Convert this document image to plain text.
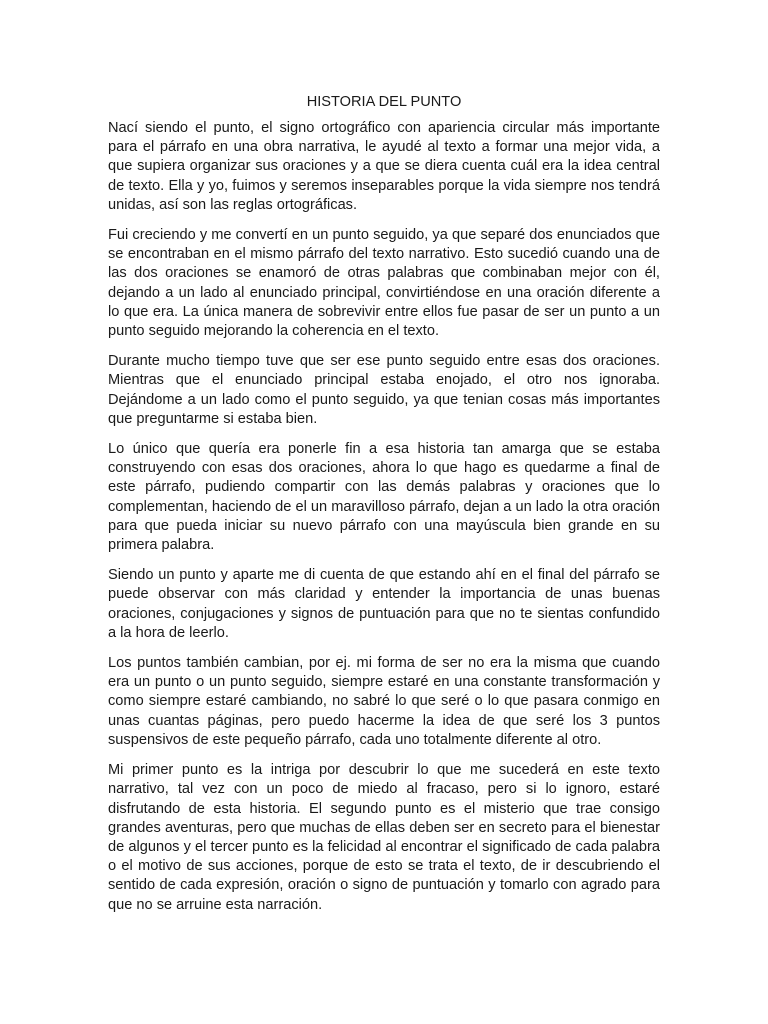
HISTORIA DEL PUNTO

Nací siendo el punto, el signo ortográfico con apariencia circular más importante para el párrafo en una obra narrativa, le ayudé al texto a formar una mejor vida, a que supiera organizar sus oraciones y a que se diera cuenta cuál era la idea central de texto. Ella y yo, fuimos y seremos inseparables porque la vida siempre nos tendrá unidas, así son las reglas ortográficas.

Fui creciendo y me convertí en un punto seguido, ya que separé dos enunciados que se encontraban en el mismo párrafo del texto narrativo. Esto sucedió cuando una de las dos oraciones se enamoró de otras palabras que combinaban mejor con él, dejando a un lado al enunciado principal, convirtiéndose en una oración diferente a lo que era. La única manera de sobrevivir entre ellos fue pasar de ser un punto a un punto seguido mejorando la coherencia en el texto.

Durante mucho tiempo tuve que ser ese punto seguido entre esas dos oraciones. Mientras que el enunciado principal estaba enojado, el otro nos ignoraba. Dejándome a un lado como el punto seguido, ya que tenian cosas más importantes que preguntarme si estaba bien.

Lo único que quería era ponerle fin a esa historia tan amarga que se estaba construyendo con esas dos oraciones, ahora lo que hago es quedarme a final de este párrafo, pudiendo compartir con las demás palabras y oraciones que lo complementan, haciendo de el un maravilloso párrafo, dejan a un lado la otra oración para que pueda iniciar su nuevo párrafo con una mayúscula bien grande en su primera palabra.

Siendo un punto y aparte me di cuenta de que estando ahí en el final del párrafo se puede observar con más claridad y entender la importancia de unas buenas oraciones, conjugaciones y signos de puntuación para que no te sientas confundido a la hora de leerlo.

Los puntos también cambian, por ej. mi forma de ser no era la misma que cuando era un punto o un punto seguido, siempre estaré en una constante transformación y como siempre estaré cambiando, no sabré lo que seré o lo que pasara conmigo en unas cuantas páginas, pero puedo hacerme la idea de que seré los 3 puntos suspensivos de este pequeño párrafo, cada uno totalmente diferente al otro.

Mi primer punto es la intriga por descubrir lo que me sucederá en este texto narrativo, tal vez con un poco de miedo al fracaso, pero si lo ignoro, estaré disfrutando de esta historia. El segundo punto es el misterio que trae consigo grandes aventuras, pero que muchas de ellas deben ser en secreto para el bienestar de algunos y el tercer punto es la felicidad al encontrar el significado de cada palabra o el motivo de sus acciones, porque de esto se trata el texto, de ir descubriendo el sentido de cada expresión, oración o signo de puntuación y tomarlo con agrado para que no se arruine esta narración.
